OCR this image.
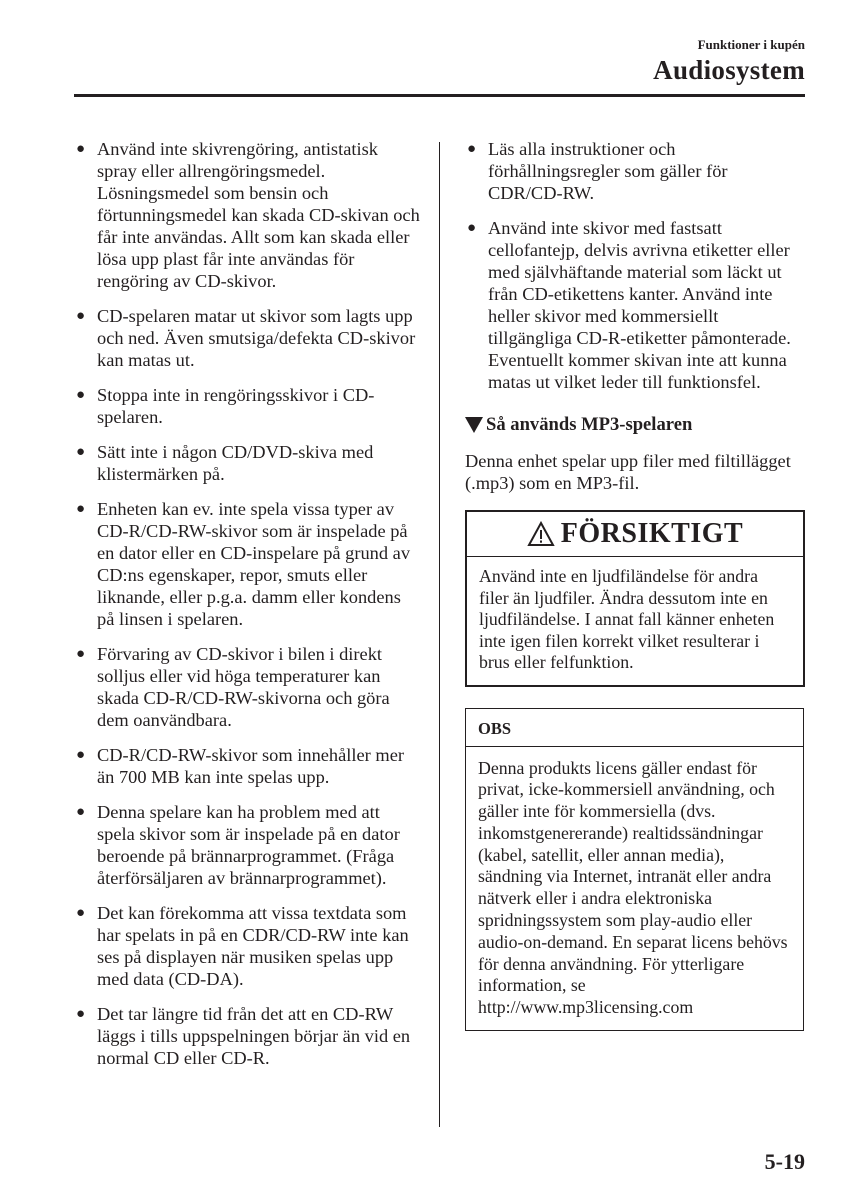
Funktioner i kupén
Audiosystem
● Använd inte skivrengöring, antistatisk spray eller allrengöringsmedel. Lösningsmedel som bensin och förtunningsmedel kan skada CD-skivan och får inte användas. Allt som kan skada eller lösa upp plast får inte användas för rengöring av CD-skivor.
● CD-spelaren matar ut skivor som lagts upp och ned. Även smutsiga/defekta CD-skivor kan matas ut.
● Stoppa inte in rengöringsskivor i CD-spelaren.
● Sätt inte i någon CD/DVD-skiva med klistermärken på.
● Enheten kan ev. inte spela vissa typer av CD-R/CD-RW-skivor som är inspelade på en dator eller en CD-inspelare på grund av CD:ns egenskaper, repor, smuts eller liknande, eller p.g.a. damm eller kondens på linsen i spelaren.
● Förvaring av CD-skivor i bilen i direkt solljus eller vid höga temperaturer kan skada CD-R/CD-RW-skivorna och göra dem oanvändbara.
● CD-R/CD-RW-skivor som innehåller mer än 700 MB kan inte spelas upp.
● Denna spelare kan ha problem med att spela skivor som är inspelade på en dator beroende på brännarprogrammet. (Fråga återförsäljaren av brännarprogrammet).
● Det kan förekomma att vissa textdata som har spelats in på en CDR/CD-RW inte kan ses på displayen när musiken spelas upp med data (CD-DA).
● Det tar längre tid från det att en CD-RW läggs i tills uppspelningen börjar än vid en normal CD eller CD-R.
● Läs alla instruktioner och förhållningsregler som gäller för CDR/CD-RW.
● Använd inte skivor med fastsatt cellofantejp, delvis avrivna etiketter eller med självhäftande material som läckt ut från CD-etikettens kanter. Använd inte heller skivor med kommersiellt tillgängliga CD-R-etiketter påmonterade. Eventuellt kommer skivan inte att kunna matas ut vilket leder till funktionsfel.
Så används MP3-spelaren
Denna enhet spelar upp filer med filtillägget (.mp3) som en MP3-fil.
FÖRSIKTIGT
Använd inte en ljudfiländelse för andra filer än ljudfiler. Ändra dessutom inte en ljudfiländelse. I annat fall känner enheten inte igen filen korrekt vilket resulterar i brus eller felfunktion.
OBS
Denna produkts licens gäller endast för privat, icke-kommersiell användning, och gäller inte för kommersiella (dvs. inkomstgenererande) realtidssändningar (kabel, satellit, eller annan media), sändning via Internet, intranät eller andra nätverk eller i andra elektroniska spridningssystem som play-audio eller audio-on-demand. En separat licens behövs för denna användning. För ytterligare information, se http://www.mp3licensing.com
5-19
